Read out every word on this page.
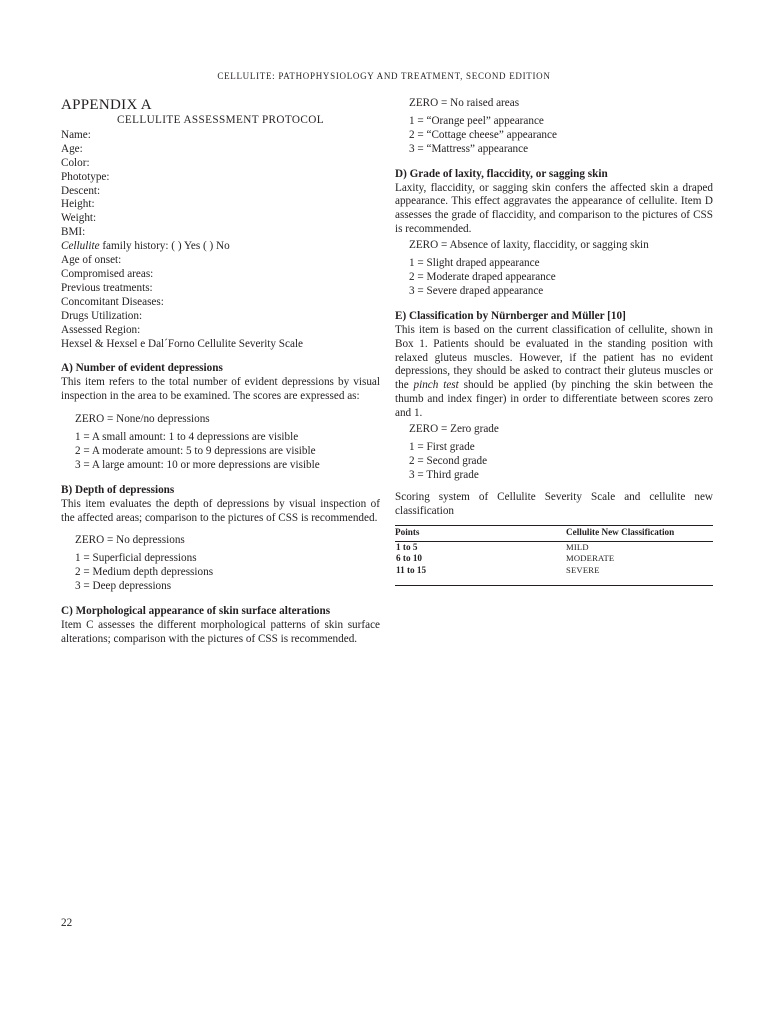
CELLULITE: PATHOPHYSIOLOGY AND TREATMENT, SECOND EDITION
APPENDIX A
CELLULITE ASSESSMENT PROTOCOL
Name:
Age:
Color:
Phototype:
Descent:
Height:
Weight:
BMI:
Cellulite family history: ( ) Yes ( ) No
Age of onset:
Compromised areas:
Previous treatments:
Concomitant Diseases:
Drugs Utilization:
Assessed Region:
Hexsel & Hexsel e Dal´Forno Cellulite Severity Scale
A) Number of evident depressions

This item refers to the total number of evident depressions by visual inspection in the area to be examined. The scores are expressed as:

ZERO = None/no depressions
1 = A small amount: 1 to 4 depressions are visible
2 = A moderate amount: 5 to 9 depressions are visible
3 = A large amount: 10 or more depressions are visible
B) Depth of depressions

This item evaluates the depth of depressions by visual inspection of the affected areas; comparison to the pictures of CSS is recommended.

ZERO = No depressions
1 = Superficial depressions
2 = Medium depth depressions
3 = Deep depressions
C) Morphological appearance of skin surface alterations

Item C assesses the different morphological patterns of skin surface alterations; comparison with the pictures of CSS is recommended.

ZERO = No raised areas
1 = “Orange peel” appearance
2 = “Cottage cheese” appearance
3 = “Mattress” appearance
D) Grade of laxity, flaccidity, or sagging skin

Laxity, flaccidity, or sagging skin confers the affected skin a draped appearance. This effect aggravates the appearance of cellulite. Item D assesses the grade of flaccidity, and comparison to the pictures of CSS is recommended.

ZERO = Absence of laxity, flaccidity, or sagging skin
1 = Slight draped appearance
2 = Moderate draped appearance
3 = Severe draped appearance
E) Classification by Nürnberger and Müller [10]

This item is based on the current classification of cellulite, shown in Box 1. Patients should be evaluated in the standing position with relaxed gluteus muscles. However, if the patient has no evident depressions, they should be asked to contract their gluteus muscles or the pinch test should be applied (by pinching the skin between the thumb and index finger) in order to differentiate between scores zero and 1.

ZERO = Zero grade
1 = First grade
2 = Second grade
3 = Third grade

Scoring system of Cellulite Severity Scale and cellulite new classification

Points	Cellulite New Classification
1 to 5	MILD
6 to 10	MODERATE
11 to 15	SEVERE
22
